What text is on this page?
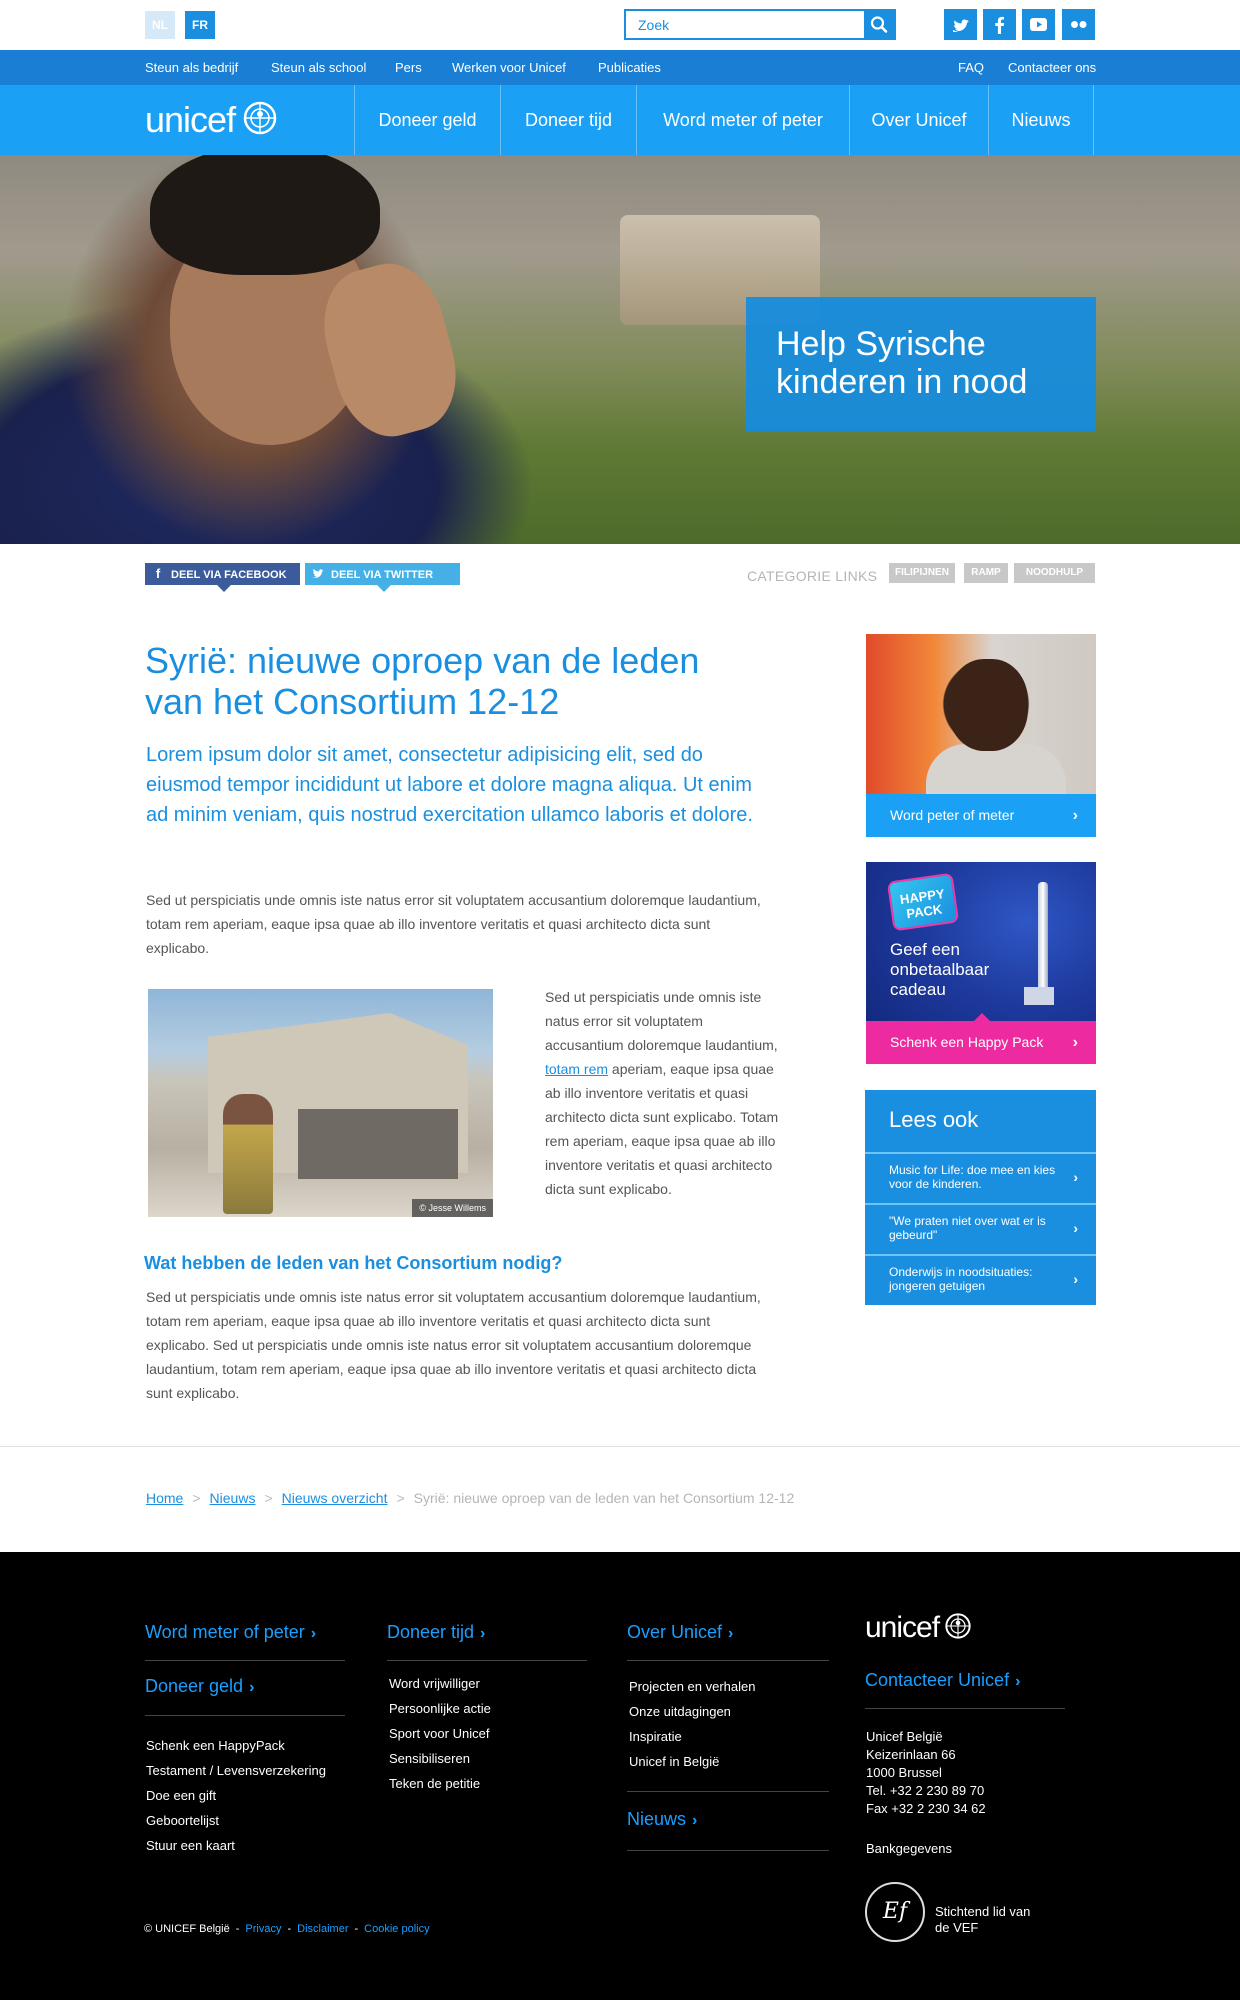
NL	FR
Zoek
Steun als bedrijf	Steun als school Pers Werken voor Unicef Publicaties	FAQ Contacteer ons
unicef	Doneer geld	Doneer tijd	Word meter of peter	Over Unicef	Nieuws
Help Syrische kinderen in nood
f DEEL VIA FACEBOOK	DEEL VIA TWITTER	CATEGORIE LINKS	FILIPIJNEN	RAMP	NOODHULP
Syrië: nieuwe oproep van de leden van het Consortium 12-12

Lorem ipsum dolor sit amet, consectetur adipisicing elit, sed do eiusmod tempor incididunt ut labore et dolore magna aliqua. Ut enim ad minim veniam, quis nostrud exercitation ullamco laboris et dolore.

Sed ut perspiciatis unde omnis iste natus error sit voluptatem accusantium doloremque laudantium, totam rem aperiam, eaque ipsa quae ab illo inventore veritatis et quasi architecto dicta sunt explicabo.

© Jesse Willems

Sed ut perspiciatis unde omnis iste natus error sit voluptatem accusantium doloremque laudantium, totam rem aperiam, eaque ipsa quae ab illo inventore veritatis et quasi architecto dicta sunt explicabo. Totam rem aperiam, eaque ipsa quae ab illo inventore veritatis et quasi architecto dicta sunt explicabo.

Wat hebben de leden van het Consortium nodig?

Sed ut perspiciatis unde omnis iste natus error sit voluptatem accusantium doloremque laudantium, totam rem aperiam, eaque ipsa quae ab illo inventore veritatis et quasi architecto dicta sunt explicabo. Sed ut perspiciatis unde omnis iste natus error sit voluptatem accusantium doloremque laudantium, totam rem aperiam, eaque ipsa quae ab illo inventore veritatis et quasi architecto dicta sunt explicabo.

Word peter of meter	›
HAPPY PACK
Geef een onbetaalbaar cadeau
Schenk een Happy Pack ›
Lees ook
Music for Life: doe mee en kies voor de kinderen.	›
"We praten niet over wat er is gebeurd"	›
Onderwijs in noodsituaties: jongeren getuigen	›
Home > Nieuws > Nieuws overzicht > Syrië: nieuwe oproep van de leden van het Consortium 12-12
Word meter of peter ›
Doneer geld ›
Schenk een HappyPack
Testament / Levensverzekering
Doe een gift
Geboortelijst
Stuur een kaart
Doneer tijd ›
Word vrijwilliger
Persoonlijke actie
Sport voor Unicef
Sensibiliseren
Teken de petitie
Over Unicef ›
Projecten en verhalen
Onze uitdagingen
Inspiratie
Unicef in België
Nieuws ›
unicef
Contacteer Unicef ›
Unicef België
Keizerinlaan 66
1000 Brussel
Tel. +32 2 230 89 70
Fax +32 2 230 34 62
Bankgegevens
Ef	Stichtend lid van de VEF
© UNICEF België - Privacy - Disclaimer - Cookie policy
